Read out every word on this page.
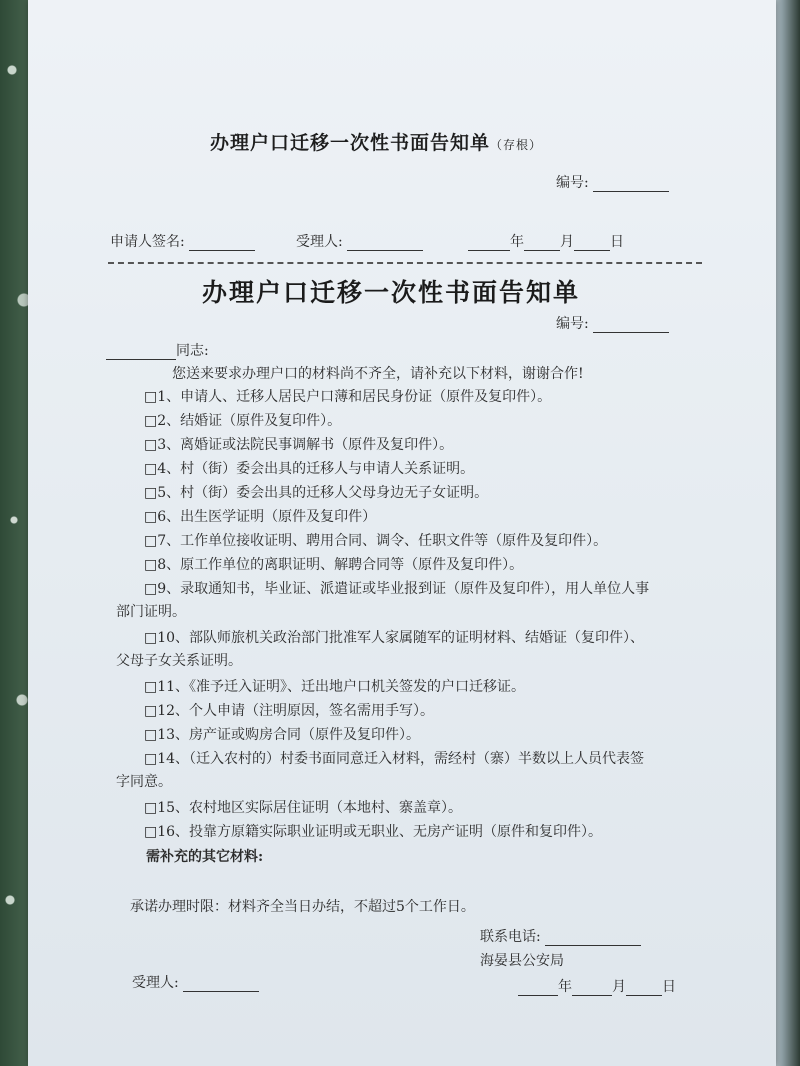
办理户口迁移一次性书面告知单（存根）
编号:
申请人签名:	受理人:	年	月	日
办理户口迁移一次性书面告知单
编号:
同志:
您送来要求办理户口的材料尚不齐全，请补充以下材料，谢谢合作!
□1、申请人、迁移人居民户口薄和居民身份证（原件及复印件）。
□2、结婚证（原件及复印件）。
□3、离婚证或法院民事调解书（原件及复印件）。
□4、村（街）委会出具的迁移人与申请人关系证明。
□5、村（街）委会出具的迁移人父母身边无子女证明。
□6、出生医学证明（原件及复印件）
□7、工作单位接收证明、聘用合同、调令、任职文件等（原件及复印件）。
□8、原工作单位的离职证明、解聘合同等（原件及复印件）。
□9、录取通知书，毕业证、派遣证或毕业报到证（原件及复印件），用人单位人事
部门证明。
□10、部队师旅机关政治部门批准军人家属随军的证明材料、结婚证（复印件）、
父母子女关系证明。
□11、《准予迁入证明》、迁出地户口机关签发的户口迁移证。
□12、个人申请（注明原因，签名需用手写）。
□13、房产证或购房合同（原件及复印件）。
□14、（迁入农村的）村委书面同意迁入材料，需经村（寨）半数以上人员代表签
字同意。
□15、农村地区实际居住证明（本地村、寨盖章）。
□16、投靠方原籍实际职业证明或无职业、无房产证明（原件和复印件）。
需补充的其它材料:
承诺办理时限：材料齐全当日办结，不超过5个工作日。
联系电话:
海晏县公安局
受理人:	年	月	日
